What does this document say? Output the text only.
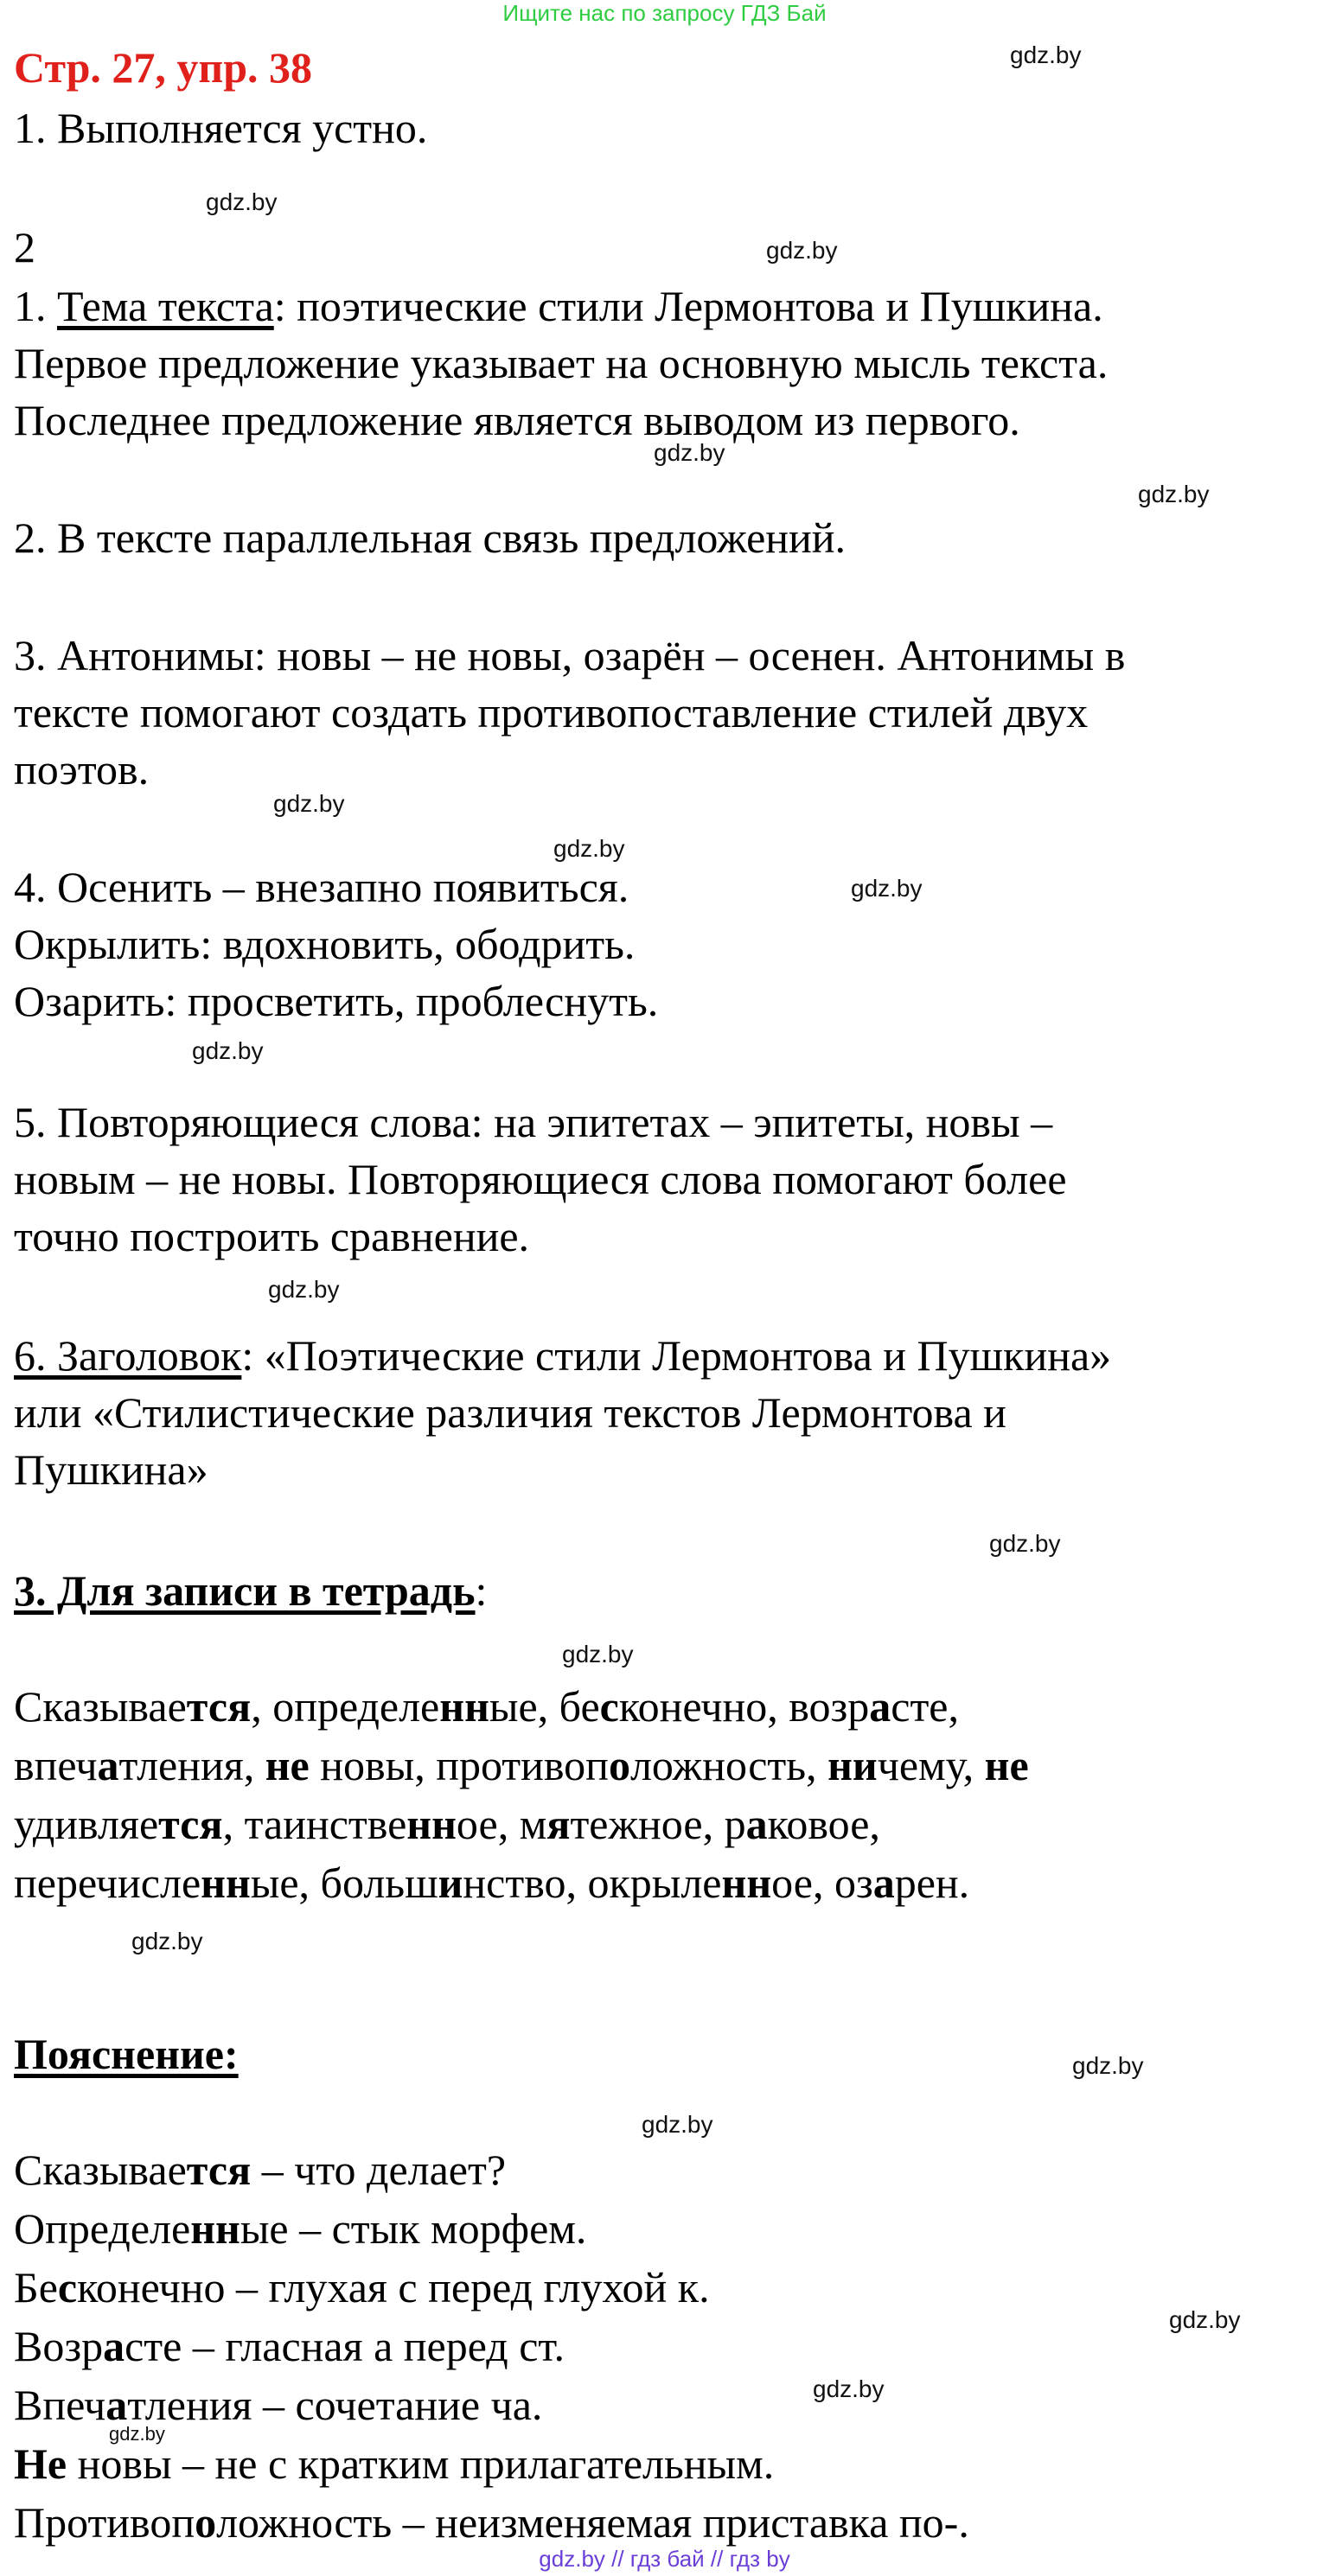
Ищите нас по запросу ГДЗ Бай
gdz.by
gdz.by
gdz.by
gdz.by
gdz.by
gdz.by
gdz.by
gdz.by
gdz.by
gdz.by
gdz.by
gdz.by
gdz.by
gdz.by
gdz.by
gdz.by
gdz.by
gdz.by
Стр. 27, упр. 38
1. Выполняется устно.
2
1. Тема текста: поэтические стили Лермонтова и Пушкина.
Первое предложение указывает на основную мысль текста.
Последнее предложение является выводом из первого.
2. В тексте параллельная связь предложений.
3. Антонимы: новы – не новы, озарён – осенен. Антонимы в
тексте помогают создать противопоставление стилей двух
поэтов.
4. Осенить – внезапно появиться.
Окрылить: вдохновить, ободрить.
Озарить: просветить, проблеснуть.
5. Повторяющиеся слова: на эпитетах – эпитеты, новы –
новым – не новы. Повторяющиеся слова помогают более
точно построить сравнение.
6. Заголовок: «Поэтические стили Лермонтова и Пушкина»
или «Стилистические различия текстов Лермонтова и
Пушкина»
3. Для записи в тетрадь:
Сказывается, определенные, бесконечно, возрасте,
впечатления, не новы, противоположность, ничему, не
удивляется, таинственное, мятежное, раковое,
перечисленные, большинство, окрыленное, озарен.
Пояснение:
Сказывается – что делает?
Определенные – стык морфем.
Бесконечно – глухая с перед глухой к.
Возрасте – гласная а перед ст.
Впечатления – сочетание ча.
Не новы – не с кратким прилагательным.
Противоположность – неизменяемая приставка по-.
gdz.by // гдз бай // гдз by
